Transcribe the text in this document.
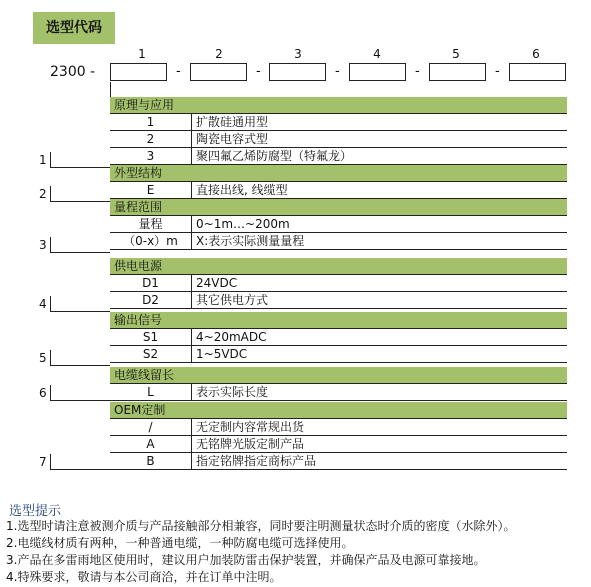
选型代码
1	2	3	4	5	6
2300 -	-	-	-	-	-
原理与应用
1	扩散硅通用型
2	陶瓷电容式型
3	聚四氟乙烯防腐型（特氟龙）
外型结构
E	直接出线, 线缆型
量程范围
量程	0~1m…~200m
（0-x）m	X:表示实际测量量程
供电电源
D1	24VDC
D2	其它供电方式
输出信号
S1	4~20mADC
S2	1~5VDC
电缆线留长
L	表示实际长度
OEM定制
/	无定制内容常规出货
A	无铭牌光版定制产品
B	指定铭牌指定商标产品
1
2
3
4
5
6
7
选型提示
1.选型时请注意被测介质与产品接触部分相兼容，同时要注明测量状态时介质的密度（水除外）。
2.电缆线材质有两种，一种普通电缆，一种防腐电缆可选择使用。
3.产品在多雷雨地区使用时，建议用户加装防雷击保护装置，并确保产品及电源可靠接地。
4.特殊要求，敬请与本公司商洽，并在订单中注明。
